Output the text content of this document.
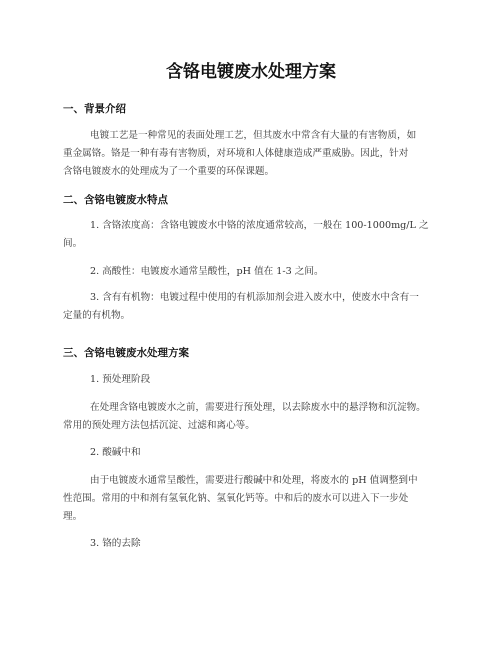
含铬电镀废水处理方案
一、背景介绍
电镀工艺是一种常见的表面处理工艺，但其废水中常含有大量的有害物质，如
重金属铬。铬是一种有毒有害物质，对环境和人体健康造成严重威胁。因此，针对
含铬电镀废水的处理成为了一个重要的环保课题。
二、含铬电镀废水特点
1. 含铬浓度高：含铬电镀废水中铬的浓度通常较高，一般在 100-1000mg/L 之
间。
2. 高酸性：电镀废水通常呈酸性，pH 值在 1-3 之间。
3. 含有有机物：电镀过程中使用的有机添加剂会进入废水中，使废水中含有一
定量的有机物。
三、含铬电镀废水处理方案
1. 预处理阶段
在处理含铬电镀废水之前，需要进行预处理，以去除废水中的悬浮物和沉淀物。
常用的预处理方法包括沉淀、过滤和离心等。
2. 酸碱中和
由于电镀废水通常呈酸性，需要进行酸碱中和处理，将废水的 pH 值调整到中
性范围。常用的中和剂有氢氧化钠、氢氧化钙等。中和后的废水可以进入下一步处
理。
3. 铬的去除
